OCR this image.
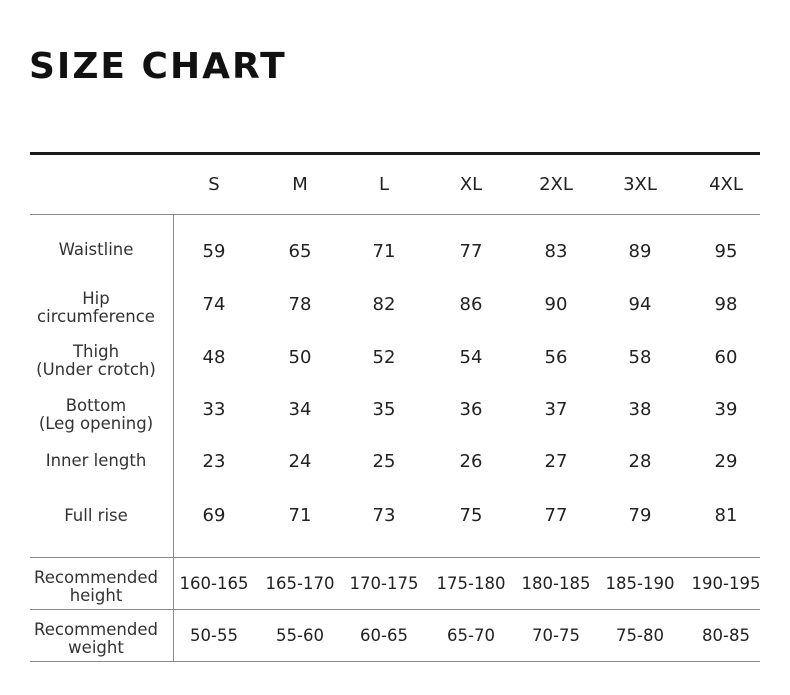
SIZE CHART
S	M	L	XL	2XL	3XL	4XL
Waistline	59	65	71	77	83	89	95
Hip
circumference
74	78	82	86	90	94	98
Thigh
(Under crotch)
48	50	52	54	56	58	60
Bottom
(Leg opening)
33	34	35	36	37	38	39
Inner length	23	24	25	26	27	28	29
Full rise	69	71	73	75	77	79	81
Recommended
height
160-165	165-170 170-175	175-180 180-185 185-190	190-195
Recommended
weight
50-55	55-60	60-65	65-70	70-75	75-80	80-85
